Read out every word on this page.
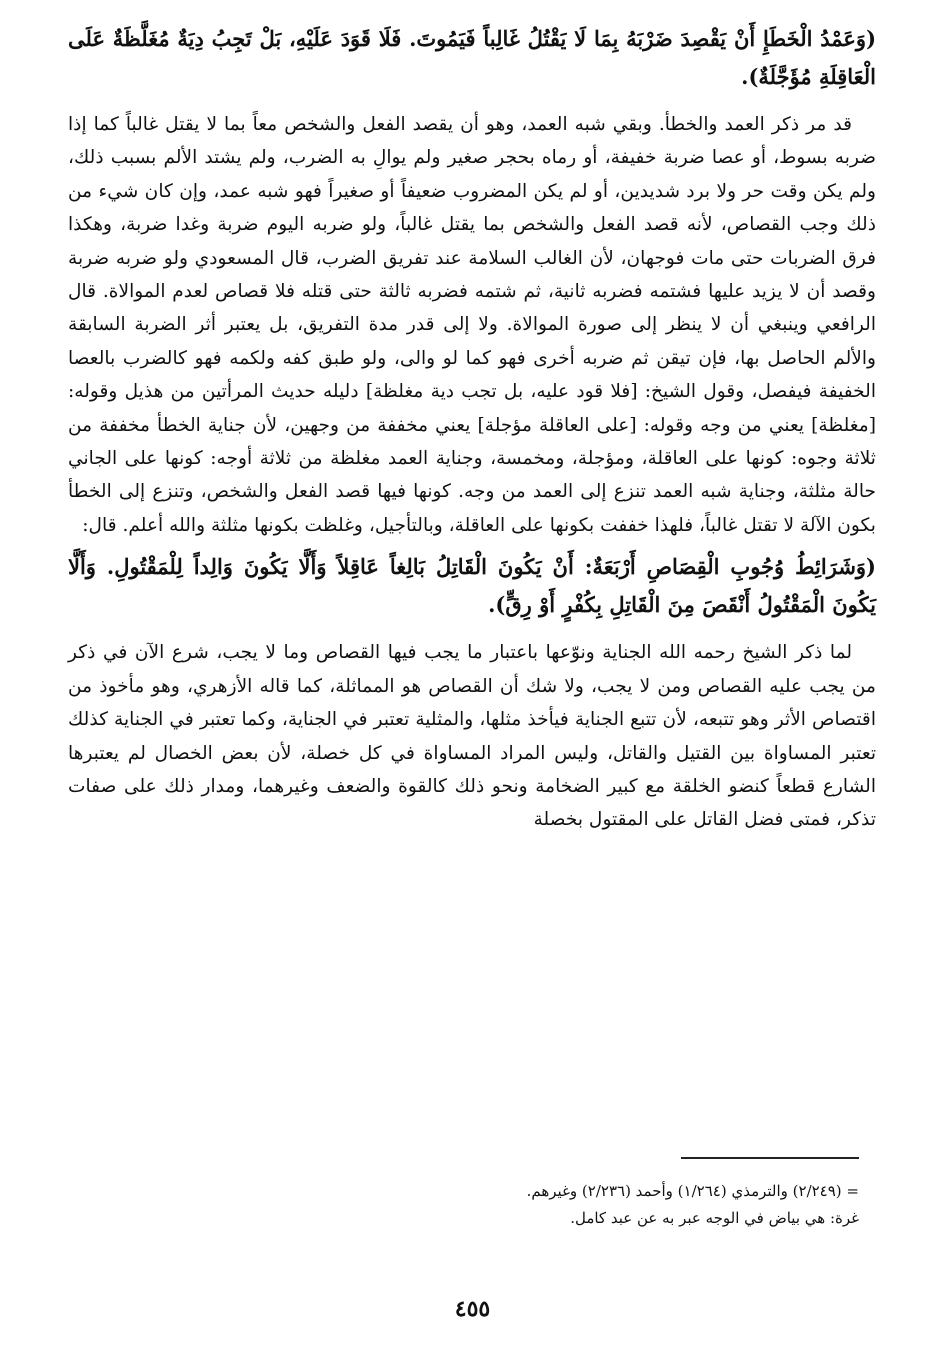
(وَعَمْدُ الْخَطَإِ أَنْ يَقْصِدَ ضَرْبَهُ بِمَا لَا يَقْتُلُ غَالِباً فَيَمُوتَ. فَلَا قَوَدَ عَلَيْهِ، بَلْ تَجِبُ دِيَةٌ مُغَلَّظَةٌ عَلَى الْعَاقِلَةِ مُؤَجَّلَةٌ).

قد مر ذكر العمد والخطأ. وبقي شبه العمد، وهو أن يقصد الفعل والشخص معاً بما لا يقتل غالباً كما إذا ضربه بسوط، أو عصا ضربة خفيفة، أو رماه بحجر صغير ولم يوالِ به الضرب، ولم يشتد الألم بسبب ذلك، ولم يكن وقت حر ولا برد شديدين، أو لم يكن المضروب ضعيفاً أو صغيراً فهو شبه عمد، وإن كان شيء من ذلك وجب القصاص، لأنه قصد الفعل والشخص بما يقتل غالباً، ولو ضربه اليوم ضربة وغدا ضربة، وهكذا فرق الضربات حتى مات فوجهان، لأن الغالب السلامة عند تفريق الضرب، قال المسعودي ولو ضربه ضربة وقصد أن لا يزيد عليها فشتمه فضربه ثانية، ثم شتمه فضربه ثالثة حتى قتله فلا قصاص لعدم الموالاة. قال الرافعي وينبغي أن لا ينظر إلى صورة الموالاة. ولا إلى قدر مدة التفريق، بل يعتبر أثر الضربة السابقة والألم الحاصل بها، فإن تيقن ثم ضربه أخرى فهو كما لو والى، ولو طبق كفه ولكمه فهو كالضرب بالعصا الخفيفة فيفصل، وقول الشيخ: [فلا قود عليه، بل تجب دية مغلظة] دليله حديث المرأتين من هذيل وقوله: [مغلظة] يعني من وجه وقوله: [على العاقلة مؤجلة] يعني مخففة من وجهين، لأن جناية الخطأ مخففة من ثلاثة وجوه: كونها على العاقلة، ومؤجلة، ومخمسة، وجناية العمد مغلظة من ثلاثة أوجه: كونها على الجاني حالة مثلثة، وجناية شبه العمد تنزع إلى العمد من وجه. كونها فيها قصد الفعل والشخص، وتنزع إلى الخطأ بكون الآلة لا تقتل غالباً، فلهذا خففت بكونها على العاقلة، وبالتأجيل، وغلظت بكونها مثلثة والله أعلم. قال:

(وَشَرَائِطُ وُجُوبِ الْقِصَاصِ أَرْبَعَةٌ: أَنْ يَكُونَ الْقَاتِلُ بَالِغاً عَاقِلاً وَأَلَّا يَكُونَ وَالِداً لِلْمَقْتُولِ. وَأَلَّا يَكُونَ الْمَقْتُولُ أَنْقَصَ مِنَ الْقَاتِلِ بِكُفْرٍ أَوْ رِقٍّ).

لما ذكر الشيخ رحمه الله الجناية ونوّعها باعتبار ما يجب فيها القصاص وما لا يجب، شرع الآن في ذكر من يجب عليه القصاص ومن لا يجب، ولا شك أن القصاص هو المماثلة، كما قاله الأزهري، وهو مأخوذ من اقتصاص الأثر وهو تتبعه، لأن تتبع الجناية فيأخذ مثلها، والمثلية تعتبر في الجناية، وكما تعتبر في الجناية كذلك تعتبر المساواة بين القتيل والقاتل، وليس المراد المساواة في كل خصلة، لأن بعض الخصال لم يعتبرها الشارع قطعاً كنضو الخلقة مع كبير الضخامة ونحو ذلك كالقوة والضعف وغيرهما، ومدار ذلك على صفات تذكر، فمتى فضل القاتل على المقتول بخصلة

= (٢/٢٤٩) والترمذي (١/٢٦٤) وأحمد (٢/٢٣٦) وغيرهم.
غرة: هي بياض في الوجه عبر به عن عبد كامل.
٤٥٥
